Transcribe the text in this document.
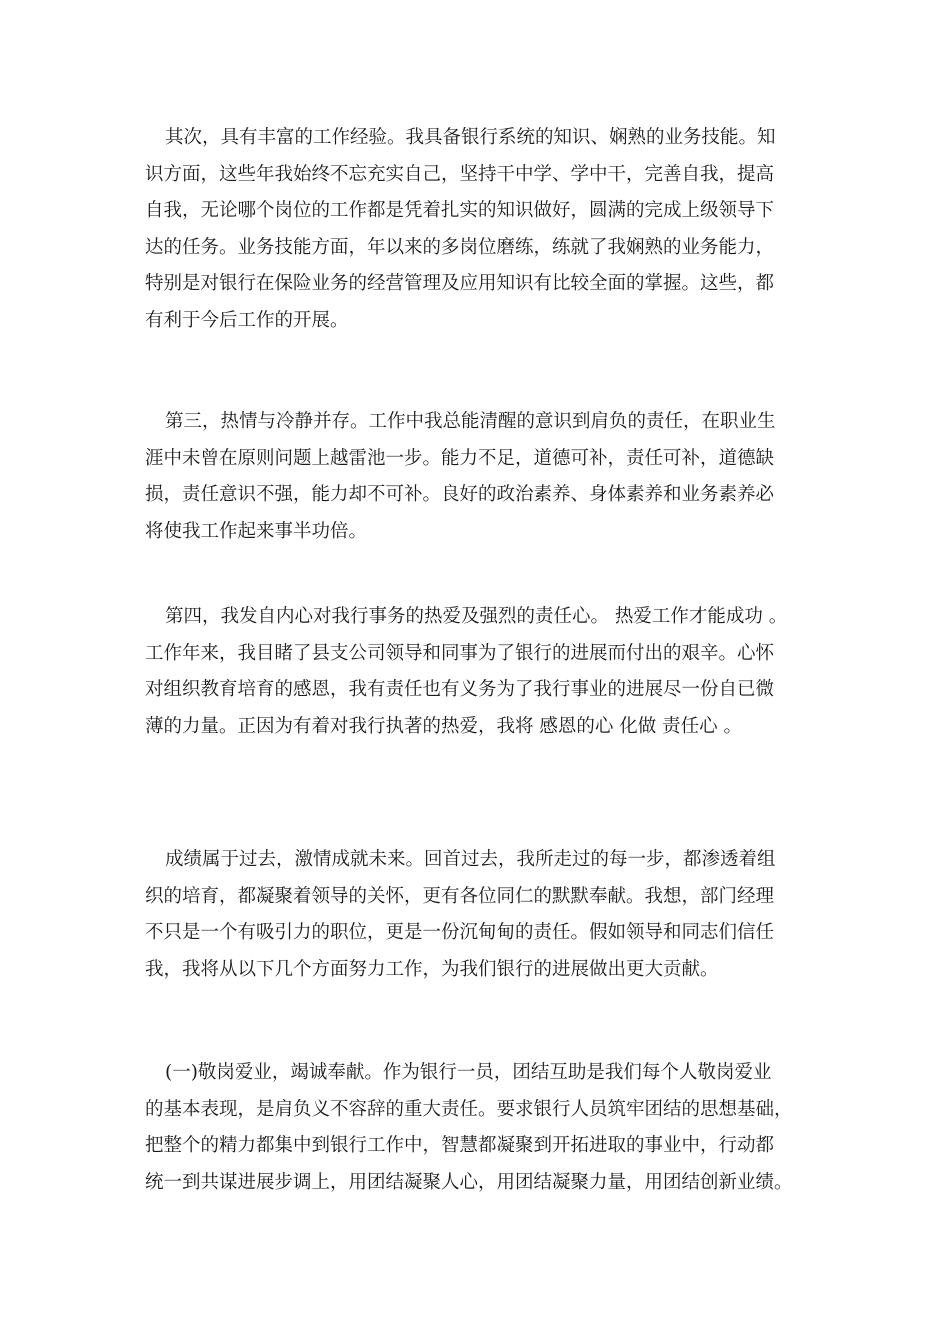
其次，具有丰富的工作经验。我具备银行系统的知识、娴熟的业务技能。知
识方面，这些年我始终不忘充实自己，坚持干中学、学中干，完善自我，提高
自我，无论哪个岗位的工作都是凭着扎实的知识做好，圆满的完成上级领导下
达的任务。业务技能方面，年以来的多岗位磨练，练就了我娴熟的业务能力，
特别是对银行在保险业务的经营管理及应用知识有比较全面的掌握。这些，都
有利于今后工作的开展。
第三，热情与冷静并存。工作中我总能清醒的意识到肩负的责任，在职业生
涯中未曾在原则问题上越雷池一步。能力不足，道德可补，责任可补，道德缺
损，责任意识不强，能力却不可补。良好的政治素养、身体素养和业务素养必
将使我工作起来事半功倍。
第四，我发自内心对我行事务的热爱及强烈的责任心。 热爱工作才能成功 。
工作年来，我目睹了县支公司领导和同事为了银行的进展而付出的艰辛。心怀
对组织教育培育的感恩，我有责任也有义务为了我行事业的进展尽一份自已微
薄的力量。正因为有着对我行执著的热爱，我将 感恩的心 化做 责任心 。
成绩属于过去，激情成就未来。回首过去，我所走过的每一步，都渗透着组
织的培育，都凝聚着领导的关怀，更有各位同仁的默默奉献。我想，部门经理
不只是一个有吸引力的职位，更是一份沉甸甸的责任。假如领导和同志们信任
我，我将从以下几个方面努力工作，为我们银行的进展做出更大贡献。
(一)敬岗爱业，竭诚奉献。作为银行一员，团结互助是我们每个人敬岗爱业
的基本表现，是肩负义不容辞的重大责任。要求银行人员筑牢团结的思想基础，
把整个的精力都集中到银行工作中，智慧都凝聚到开拓进取的事业中，行动都
统一到共谋进展步调上，用团结凝聚人心，用团结凝聚力量，用团结创新业绩。
